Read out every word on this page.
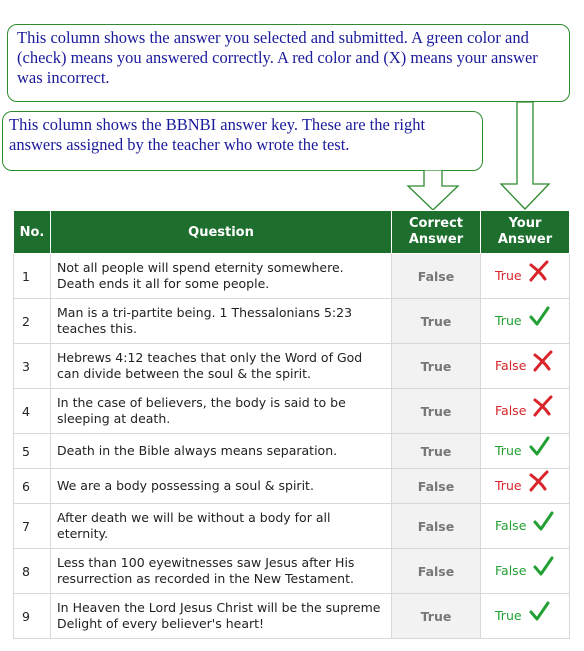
This column shows the answer you selected and submitted. A green color and (check) means you answered correctly. A red color and (X) means your answer was incorrect.
This column shows the BBNBI answer key. These are the right answers assigned by the teacher who wrote the test.
No.	Question	Correct Answer	Your Answer
1	Not all people will spend eternity somewhere. Death ends it all for some people.	False	True
2	Man is a tri-partite being. 1 Thessalonians 5:23 teaches this.	True	True
3	Hebrews 4:12 teaches that only the Word of God can divide between the soul & the spirit.	True	False
4	In the case of believers, the body is said to be sleeping at death.	True	False
5	Death in the Bible always means separation.	True	True
6	We are a body possessing a soul & spirit.	False	True
7	After death we will be without a body for all eternity.	False	False
8	Less than 100 eyewitnesses saw Jesus after His resurrection as recorded in the New Testament.	False	False
9	In Heaven the Lord Jesus Christ will be the supreme Delight of every believer's heart!	True	True
